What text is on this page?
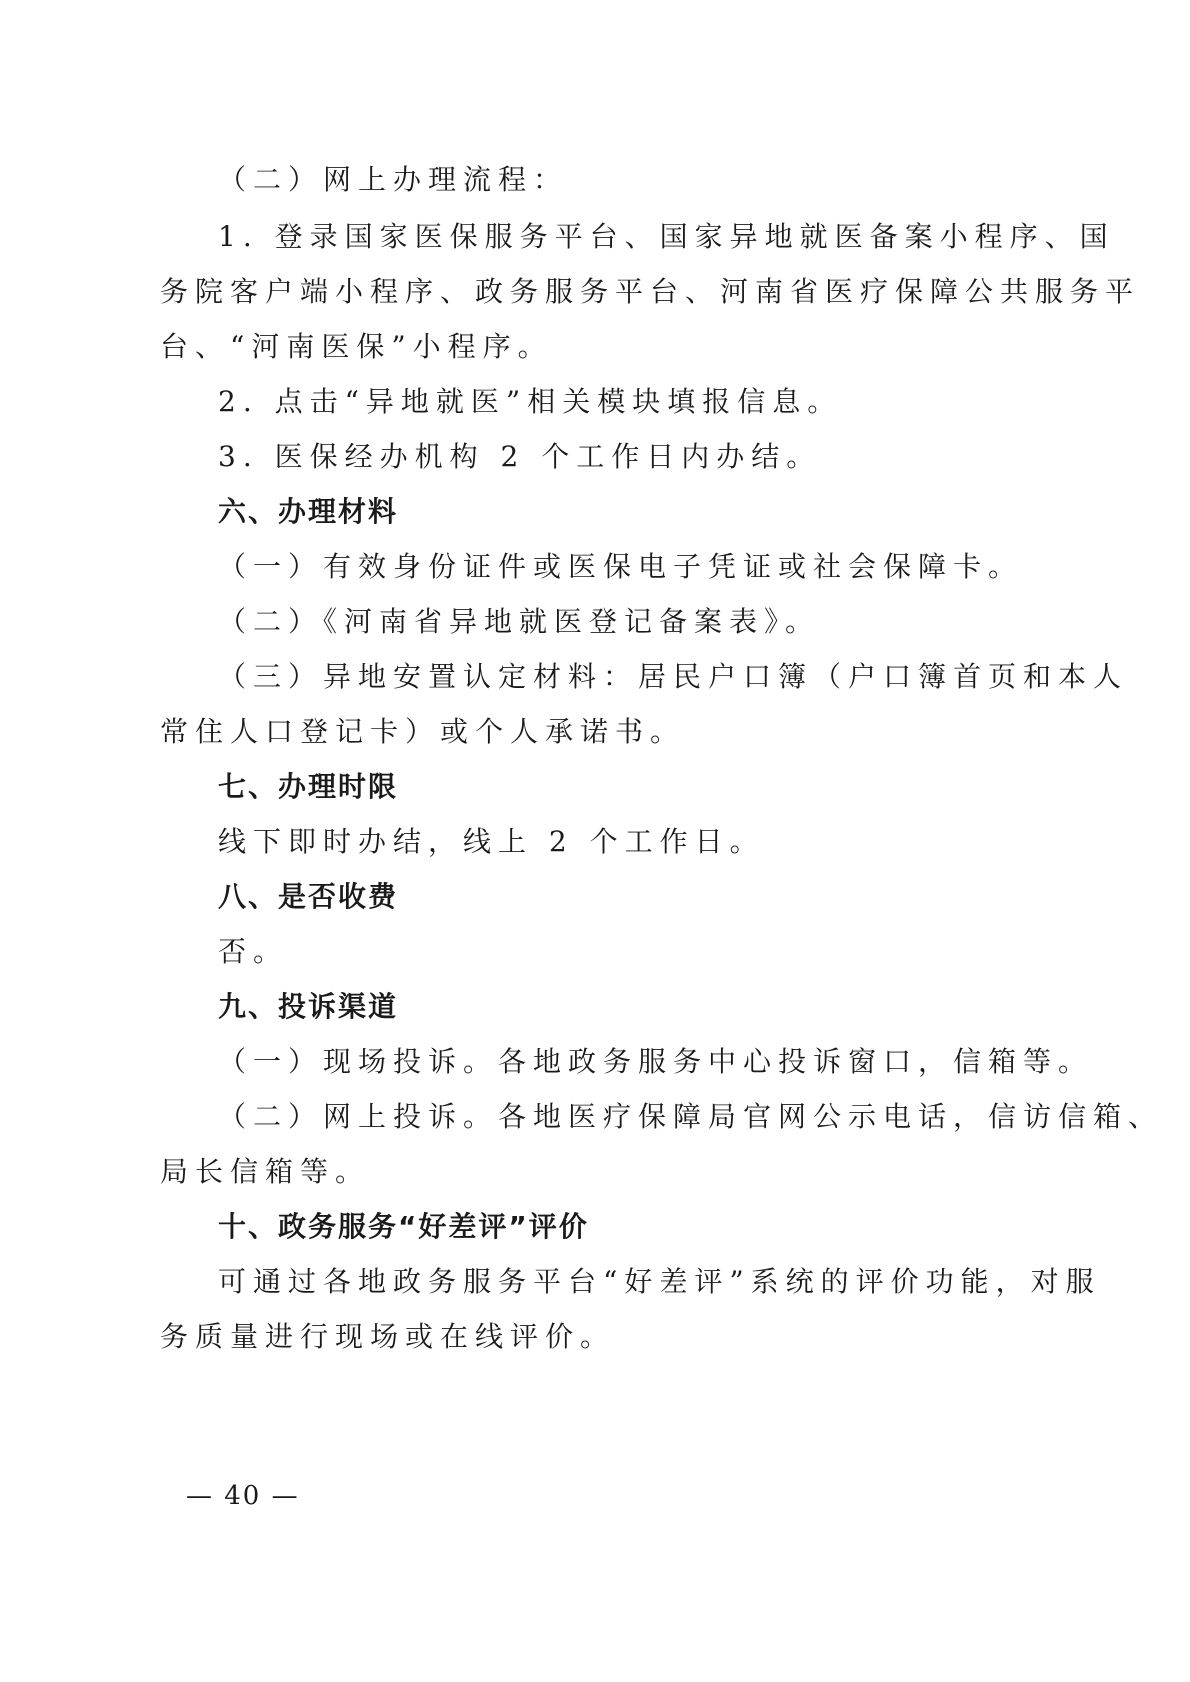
（二）网上办理流程：
1. 登录国家医保服务平台、国家异地就医备案小程序、国
务院客户端小程序、政务服务平台、河南省医疗保障公共服务平
台、“河南医保”小程序。
2. 点击“异地就医”相关模块填报信息。
3. 医保经办机构 2 个工作日内办结。
六、办理材料
（一）有效身份证件或医保电子凭证或社会保障卡。
（二）《河南省异地就医登记备案表》。
（三）异地安置认定材料：居民户口簿（户口簿首页和本人
常住人口登记卡）或个人承诺书。
七、办理时限
线下即时办结，线上 2 个工作日。
八、是否收费
否。
九、投诉渠道
（一）现场投诉。各地政务服务中心投诉窗口，信箱等。
（二）网上投诉。各地医疗保障局官网公示电话，信访信箱、
局长信箱等。
十、政务服务“好差评”评价
可通过各地政务服务平台“好差评”系统的评价功能，对服
务质量进行现场或在线评价。
— 40 —
